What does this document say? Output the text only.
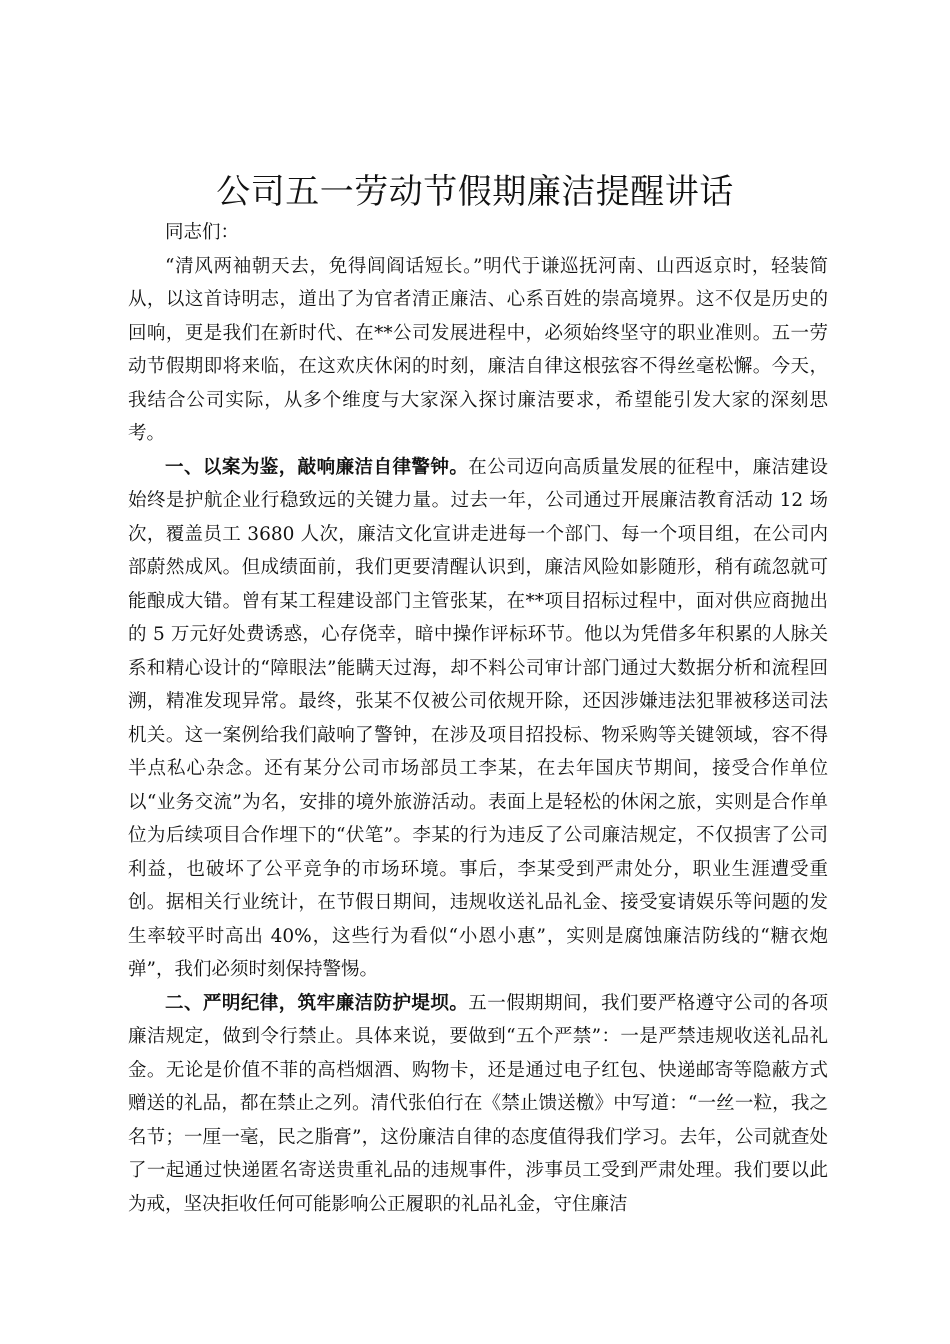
公司五一劳动节假期廉洁提醒讲话

同志们：

“清风两袖朝天去，免得闾阎话短长。”明代于谦巡抚河南、山西返京时，轻装简从，以这首诗明志，道出了为官者清正廉洁、心系百姓的崇高境界。这不仅是历史的回响，更是我们在新时代、在**公司发展进程中，必须始终坚守的职业准则。五一劳动节假期即将来临，在这欢庆休闲的时刻，廉洁自律这根弦容不得丝毫松懈。今天，我结合公司实际，从多个维度与大家深入探讨廉洁要求，希望能引发大家的深刻思考。

一、以案为鉴，敲响廉洁自律警钟。在公司迈向高质量发展的征程中，廉洁建设始终是护航企业行稳致远的关键力量。过去一年，公司通过开展廉洁教育活动 12 场次，覆盖员工 3680 人次，廉洁文化宣讲走进每一个部门、每一个项目组，在公司内部蔚然成风。但成绩面前，我们更要清醒认识到，廉洁风险如影随形，稍有疏忽就可能酿成大错。曾有某工程建设部门主管张某，在**项目招标过程中，面对供应商抛出的 5 万元好处费诱惑，心存侥幸，暗中操作评标环节。他以为凭借多年积累的人脉关系和精心设计的“障眼法”能瞒天过海，却不料公司审计部门通过大数据分析和流程回溯，精准发现异常。最终，张某不仅被公司依规开除，还因涉嫌违法犯罪被移送司法机关。这一案例给我们敲响了警钟，在涉及项目招投标、物采购等关键领域，容不得半点私心杂念。还有某分公司市场部员工李某，在去年国庆节期间，接受合作单位以“业务交流”为名，安排的境外旅游活动。表面上是轻松的休闲之旅，实则是合作单位为后续项目合作埋下的“伏笔”。李某的行为违反了公司廉洁规定，不仅损害了公司利益，也破坏了公平竞争的市场环境。事后，李某受到严肃处分，职业生涯遭受重创。据相关行业统计，在节假日期间，违规收送礼品礼金、接受宴请娱乐等问题的发生率较平时高出 40%，这些行为看似“小恩小惠”，实则是腐蚀廉洁防线的“糖衣炮弹”，我们必须时刻保持警惕。

二、严明纪律，筑牢廉洁防护堤坝。五一假期期间，我们要严格遵守公司的各项廉洁规定，做到令行禁止。具体来说，要做到“五个严禁”：一是严禁违规收送礼品礼金。无论是价值不菲的高档烟酒、购物卡，还是通过电子红包、快递邮寄等隐蔽方式赠送的礼品，都在禁止之列。清代张伯行在《禁止馈送檄》中写道：“一丝一粒，我之名节；一厘一毫，民之脂膏”，这份廉洁自律的态度值得我们学习。去年，公司就查处了一起通过快递匿名寄送贵重礼品的违规事件，涉事员工受到严肃处理。我们要以此为戒，坚决拒收任何可能影响公正履职的礼品礼金，守住廉洁
